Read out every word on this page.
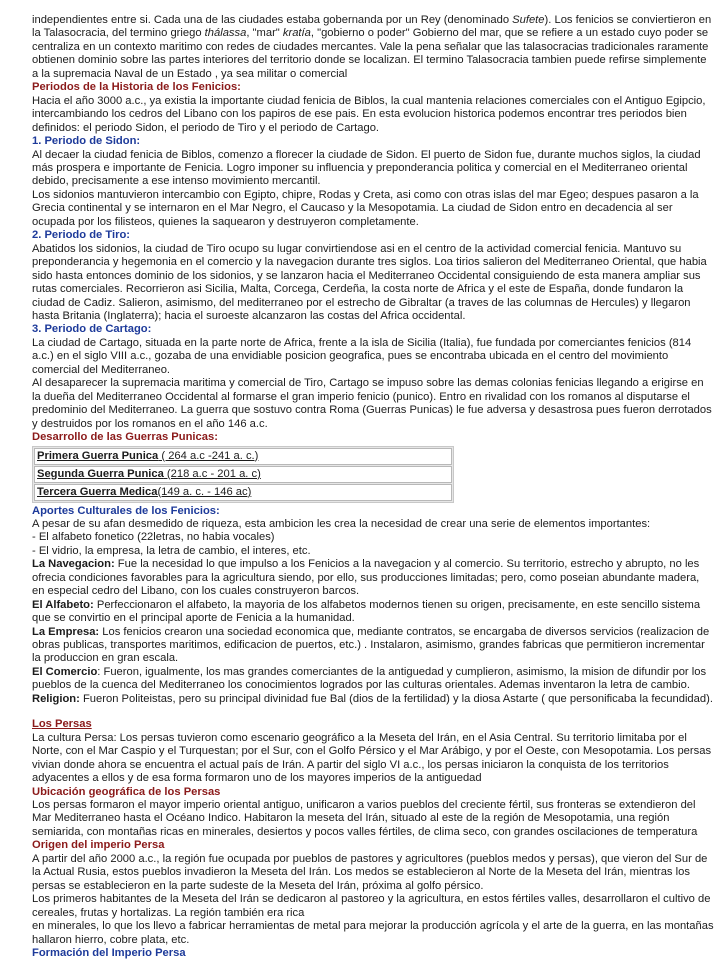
independientes entre si. Cada una de las ciudades estaba gobernanda por un Rey (denominado Sufete). Los fenicios se conviertieron en la Talasocracia, del termino griego thálassa, "mar" kratía, "gobierno o poder" Gobierno del mar, que se refiere a un estado cuyo poder se centraliza en un contexto maritimo con redes de ciudades mercantes. Vale la pena señalar que las talasocracias tradicionales raramente obtienen dominio sobre las partes interiores del territorio donde se localizan. El termino Talasocracia tambien puede refirse simplemente a la supremacia Naval de un Estado , ya sea militar o comercial

Periodos de la Historia de los Fenicios:

Hacia el año 3000 a.c., ya existia la importante ciudad fenicia de Biblos, la cual mantenia relaciones comerciales con el Antiguo Egipcio, intercambiando los cedros del Libano con los papiros de ese pais. En esta evolucion historica podemos encontrar tres periodos bien definidos: el periodo Sidon, el periodo de Tiro y el periodo de Cartago.

1. Periodo de Sidon:

Al decaer la ciudad fenicia de Biblos, comenzo a florecer la ciudade de Sidon. El puerto de Sidon fue, durante muchos siglos, la ciudad más prospera e importante de Fenicia. Logro imponer su influencia y preponderancia politica y comercial en el Mediterraneo oriental debido, precisamente a ese intenso movimiento mercantil.

Los sidonios mantuvieron intercambio con Egipto, chipre, Rodas y Creta, asi como con otras islas del mar Egeo; despues pasaron a la Grecia continental y se internaron en el Mar Negro, el Caucaso y la Mesopotamia. La ciudad de Sidon entro en decadencia al ser ocupada por los filisteos, quienes la saquearon y destruyeron completamente.

2. Periodo de Tiro:

Abatidos los sidonios, la ciudad de Tiro ocupo su lugar convirtiendose asi en el centro de la actividad comercial fenicia. Mantuvo su preponderancia y hegemonia en el comercio y la navegacion durante tres siglos. Loa tirios salieron del Mediterraneo Oriental, que habia sido hasta entonces dominio de los sidonios, y se lanzaron hacia el Mediterraneo Occidental consiguiendo de esta manera ampliar sus rutas comerciales. Recorrieron asi Sicilia, Malta, Corcega, Cerdeña, la costa norte de Africa y el este de España, donde fundaron la ciudad de Cadiz. Salieron, asimismo, del mediterraneo por el estrecho de Gibraltar (a traves de las columnas de Hercules) y llegaron hasta Britania (Inglaterra); hacia el suroeste alcanzaron las costas del Africa occidental.

3. Periodo de Cartago:

La ciudad de Cartago, situada en la parte norte de Africa, frente a la isla de Sicilia (Italia), fue fundada por comerciantes fenicios (814 a.c.) en el siglo VIII a.c., gozaba de una envidiable posicion geografica, pues se encontraba ubicada en el centro del movimiento comercial del Mediterraneo.

Al desaparecer la supremacia maritima y comercial de Tiro, Cartago se impuso sobre las demas colonias fenicias llegando a erigirse en la dueña del Mediterraneo Occidental al formarse el gran imperio fenicio (punico). Entro en rivalidad con los romanos al disputarse el predominio del Mediterraneo. La guerra que sostuvo contra Roma (Guerras Punicas) le fue adversa y desastrosa pues fueron derrotados y destruidos por los romanos en el año 146 a.c.

Desarrollo de las Guerras Punicas:

Primera Guerra Punica ( 264 a.c -241 a. c.)
Segunda Guerra Punica (218 a.c - 201 a. c)
Tercera Guerra Medica(149 a. c. - 146 ac)

Aportes Culturales de los Fenicios:

A pesar de su afan desmedido de riqueza, esta ambicion les crea la necesidad de crear una serie de elementos importantes:

- El alfabeto fonetico (22letras, no habia vocales)

- El vidrio, la empresa, la letra de cambio, el interes, etc.

La Navegacion: Fue la necesidad lo que impulso a los Fenicios a la navegacion y al comercio. Su territorio, estrecho y abrupto, no les ofrecia condiciones favorables para la agricultura siendo, por ello, sus producciones limitadas; pero, como poseian abundante madera, en especial cedro del Libano, con los cuales construyeron barcos.

El Alfabeto: Perfeccionaron el alfabeto, la mayoria de los alfabetos modernos tienen su origen, precisamente, en este sencillo sistema que se convirtio en el principal aporte de Fenicia a la humanidad.

La Empresa: Los fenicios crearon una sociedad economica que, mediante contratos, se encargaba de diversos servicios (realizacion de obras publicas, transportes maritimos, edificacion de puertos, etc.) . Instalaron, asimismo, grandes fabricas que permitieron incrementar la produccion en gran escala.

El Comercio: Fueron, igualmente, los mas grandes comerciantes de la antiguedad y cumplieron, asimismo, la mision de difundir por los pueblos de la cuenca del Mediterraneo los conocimientos logrados por las culturas orientales. Ademas inventaron la letra de cambio.

Religion: Fueron Politeistas, pero su principal divinidad fue Bal (dios de la fertilidad) y la diosa Astarte ( que personificaba la fecundidad).

Los Persas

La cultura Persa: Los persas tuvieron como escenario geográfico a la Meseta del Irán, en el Asia Central. Su territorio limitaba por el Norte, con el Mar Caspio y el Turquestan; por el Sur, con el Golfo Pérsico y el Mar Arábigo, y por el Oeste, con Mesopotamia. Los persas vivian donde ahora se encuentra el actual país de Irán. A partir del siglo VI a.c., los persas iniciaron la conquista de los territorios adyacentes a ellos y de esa forma formaron uno de los mayores imperios de la antiguedad

Ubicación geográfica de los Persas

Los persas formaron el mayor imperio oriental antiguo, unificaron a varios pueblos del creciente fértil, sus fronteras se extendieron del Mar Mediterraneo hasta el Océano Indico. Habitaron la meseta del Irán, situado al este de la región de Mesopotamia, una región semiarida, con montañas ricas en minerales, desiertos y pocos valles fértiles, de clima seco, con grandes oscilaciones de temperatura

Origen del imperio Persa

A partir del año 2000 a.c., la región fue ocupada por pueblos de pastores y agricultores (pueblos medos y persas), que vieron del Sur de la Actual Rusia, estos pueblos invadieron la Meseta del Irán. Los medos se establecieron al Norte de la Meseta del Irán, mientras los persas se establecieron en la parte sudeste de la Meseta del Irán, próxima al golfo pérsico.

Los primeros habitantes de la Meseta del Irán se dedicaron al pastoreo y la agricultura, en estos fértiles valles, desarrollaron el cultivo de cereales, frutas y hortalizas. La región también era rica

en minerales, lo que los llevo a fabricar herramientas de metal para mejorar la producción agrícola y el arte de la guerra, en las montañas hallaron hierro, cobre plata, etc.

Formación del Imperio Persa
